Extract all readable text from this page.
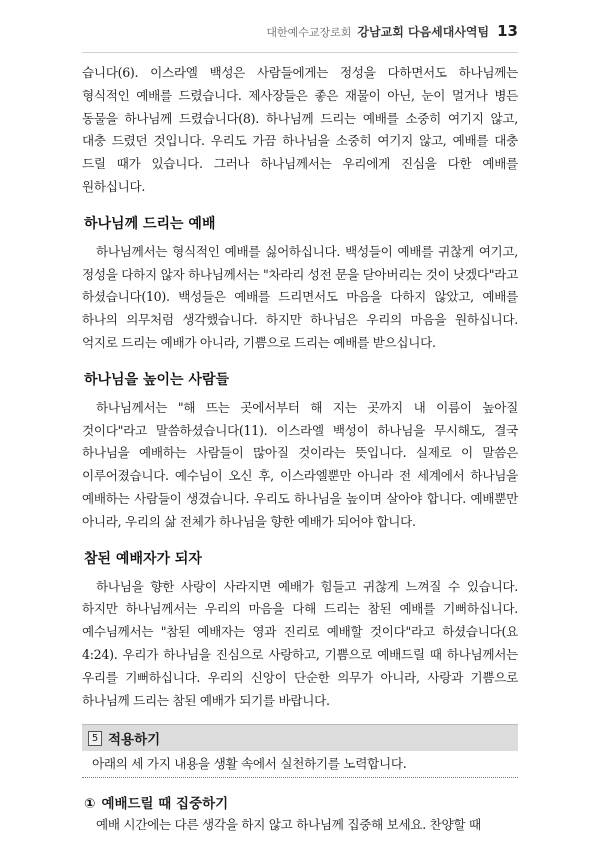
대한예수교장로회 강남교회 다음세대사역팀 13

습니다(6). 이스라엘 백성은 사람들에게는 정성을 다하면서도 하나님께는 형식적인 예배를 드렸습니다. 제사장들은 좋은 재물이 아닌, 눈이 멀거나 병든 동물을 하나님께 드렸습니다(8). 하나님께 드리는 예배를 소중히 여기지 않고, 대충 드렸던 것입니다. 우리도 가끔 하나님을 소중히 여기지 않고, 예배를 대충 드릴 때가 있습니다. 그러나 하나님께서는 우리에게 진심을 다한 예배를 원하십니다.

하나님께 드리는 예배

하나님께서는 형식적인 예배를 싫어하십니다. 백성들이 예배를 귀찮게 여기고, 정성을 다하지 않자 하나님께서는 "차라리 성전 문을 닫아버리는 것이 낫겠다"라고 하셨습니다(10). 백성들은 예배를 드리면서도 마음을 다하지 않았고, 예배를 하나의 의무처럼 생각했습니다. 하지만 하나님은 우리의 마음을 원하십니다. 억지로 드리는 예배가 아니라, 기쁨으로 드리는 예배를 받으십니다.

하나님을 높이는 사람들

하나님께서는 "해 뜨는 곳에서부터 해 지는 곳까지 내 이름이 높아질 것이다"라고 말씀하셨습니다(11). 이스라엘 백성이 하나님을 무시해도, 결국 하나님을 예배하는 사람들이 많아질 것이라는 뜻입니다. 실제로 이 말씀은 이루어졌습니다. 예수님이 오신 후, 이스라엘뿐만 아니라 전 세계에서 하나님을 예배하는 사람들이 생겼습니다. 우리도 하나님을 높이며 살아야 합니다. 예배뿐만 아니라, 우리의 삶 전체가 하나님을 향한 예배가 되어야 합니다.

참된 예배자가 되자

하나님을 향한 사랑이 사라지면 예배가 힘들고 귀찮게 느껴질 수 있습니다. 하지만 하나님께서는 우리의 마음을 다해 드리는 참된 예배를 기뻐하십니다. 예수님께서는 "참된 예배자는 영과 진리로 예배할 것이다"라고 하셨습니다(요 4:24). 우리가 하나님을 진심으로 사랑하고, 기쁨으로 예배드릴 때 하나님께서는 우리를 기뻐하십니다. 우리의 신앙이 단순한 의무가 아니라, 사랑과 기쁨으로 하나님께 드리는 참된 예배가 되기를 바랍니다.

5 적용하기
아래의 세 가지 내용을 생활 속에서 실천하기를 노력합니다.
① 예배드릴 때 집중하기

예배 시간에는 다른 생각을 하지 않고 하나님께 집중해 보세요. 찬양할 때
